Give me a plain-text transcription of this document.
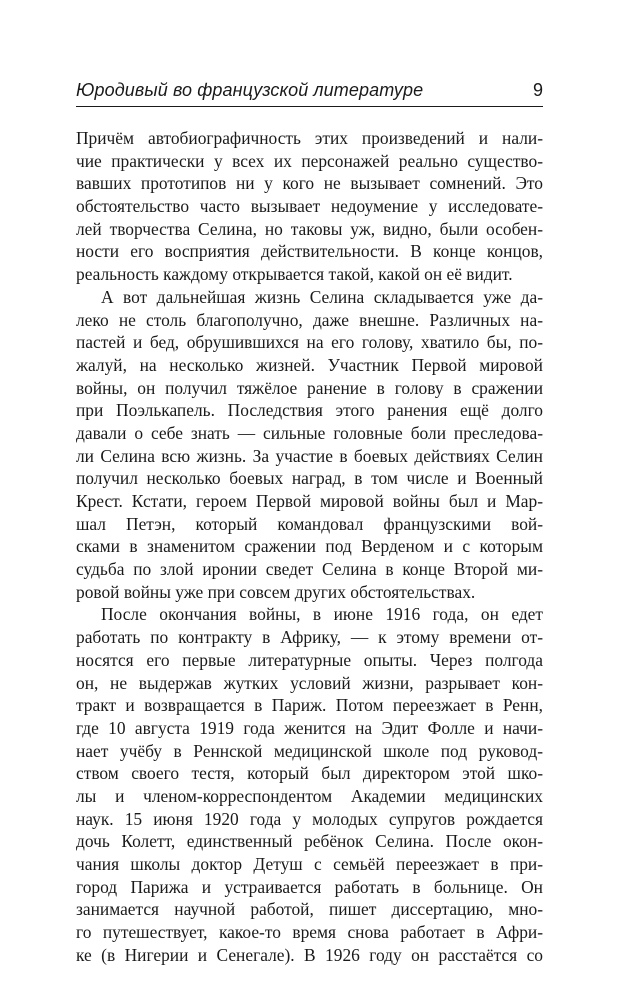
Юродивый во французской литературе	9
Причём автобиографичность этих произведений и нали-
чие практически у всех их персонажей реально существо-
вавших прототипов ни у кого не вызывает сомнений. Это
обстоятельство часто вызывает недоумение у исследовате-
лей творчества Селина, но таковы уж, видно, были особен-
ности его восприятия действительности. В конце концов,
реальность каждому открывается такой, какой он её видит.
А вот дальнейшая жизнь Селина складывается уже да-
леко не столь благополучно, даже внешне. Различных на-
пастей и бед, обрушившихся на его голову, хватило бы, по-
жалуй, на несколько жизней. Участник Первой мировой
войны, он получил тяжёлое ранение в голову в сражении
при Поэлькапель. Последствия этого ранения ещё долго
давали о себе знать — сильные головные боли преследова-
ли Селина всю жизнь. За участие в боевых действиях Селин
получил несколько боевых наград, в том числе и Военный
Крест. Кстати, героем Первой мировой войны был и Мар-
шал Петэн, который командовал французскими вой-
сками в знаменитом сражении под Верденом и с которым
судьба по злой иронии сведет Селина в конце Второй ми-
ровой войны уже при совсем других обстоятельствах.
После окончания войны, в июне 1916 года, он едет
работать по контракту в Африку, — к этому времени от-
носятся его первые литературные опыты. Через полгода
он, не выдержав жутких условий жизни, разрывает кон-
тракт и возвращается в Париж. Потом переезжает в Ренн,
где 10 августа 1919 года женится на Эдит Фолле и начи-
нает учёбу в Реннской медицинской школе под руковод-
ством своего тестя, который был директором этой шко-
лы и членом-корреспондентом Академии медицинских
наук. 15 июня 1920 года у молодых супругов рождается
дочь Колетт, единственный ребёнок Селина. После окон-
чания школы доктор Детуш с семьёй переезжает в при-
город Парижа и устраивается работать в больнице. Он
занимается научной работой, пишет диссертацию, мно-
го путешествует, какое-то время снова работает в Афри-
ке (в Нигерии и Сенегале). В 1926 году он расстаётся со
